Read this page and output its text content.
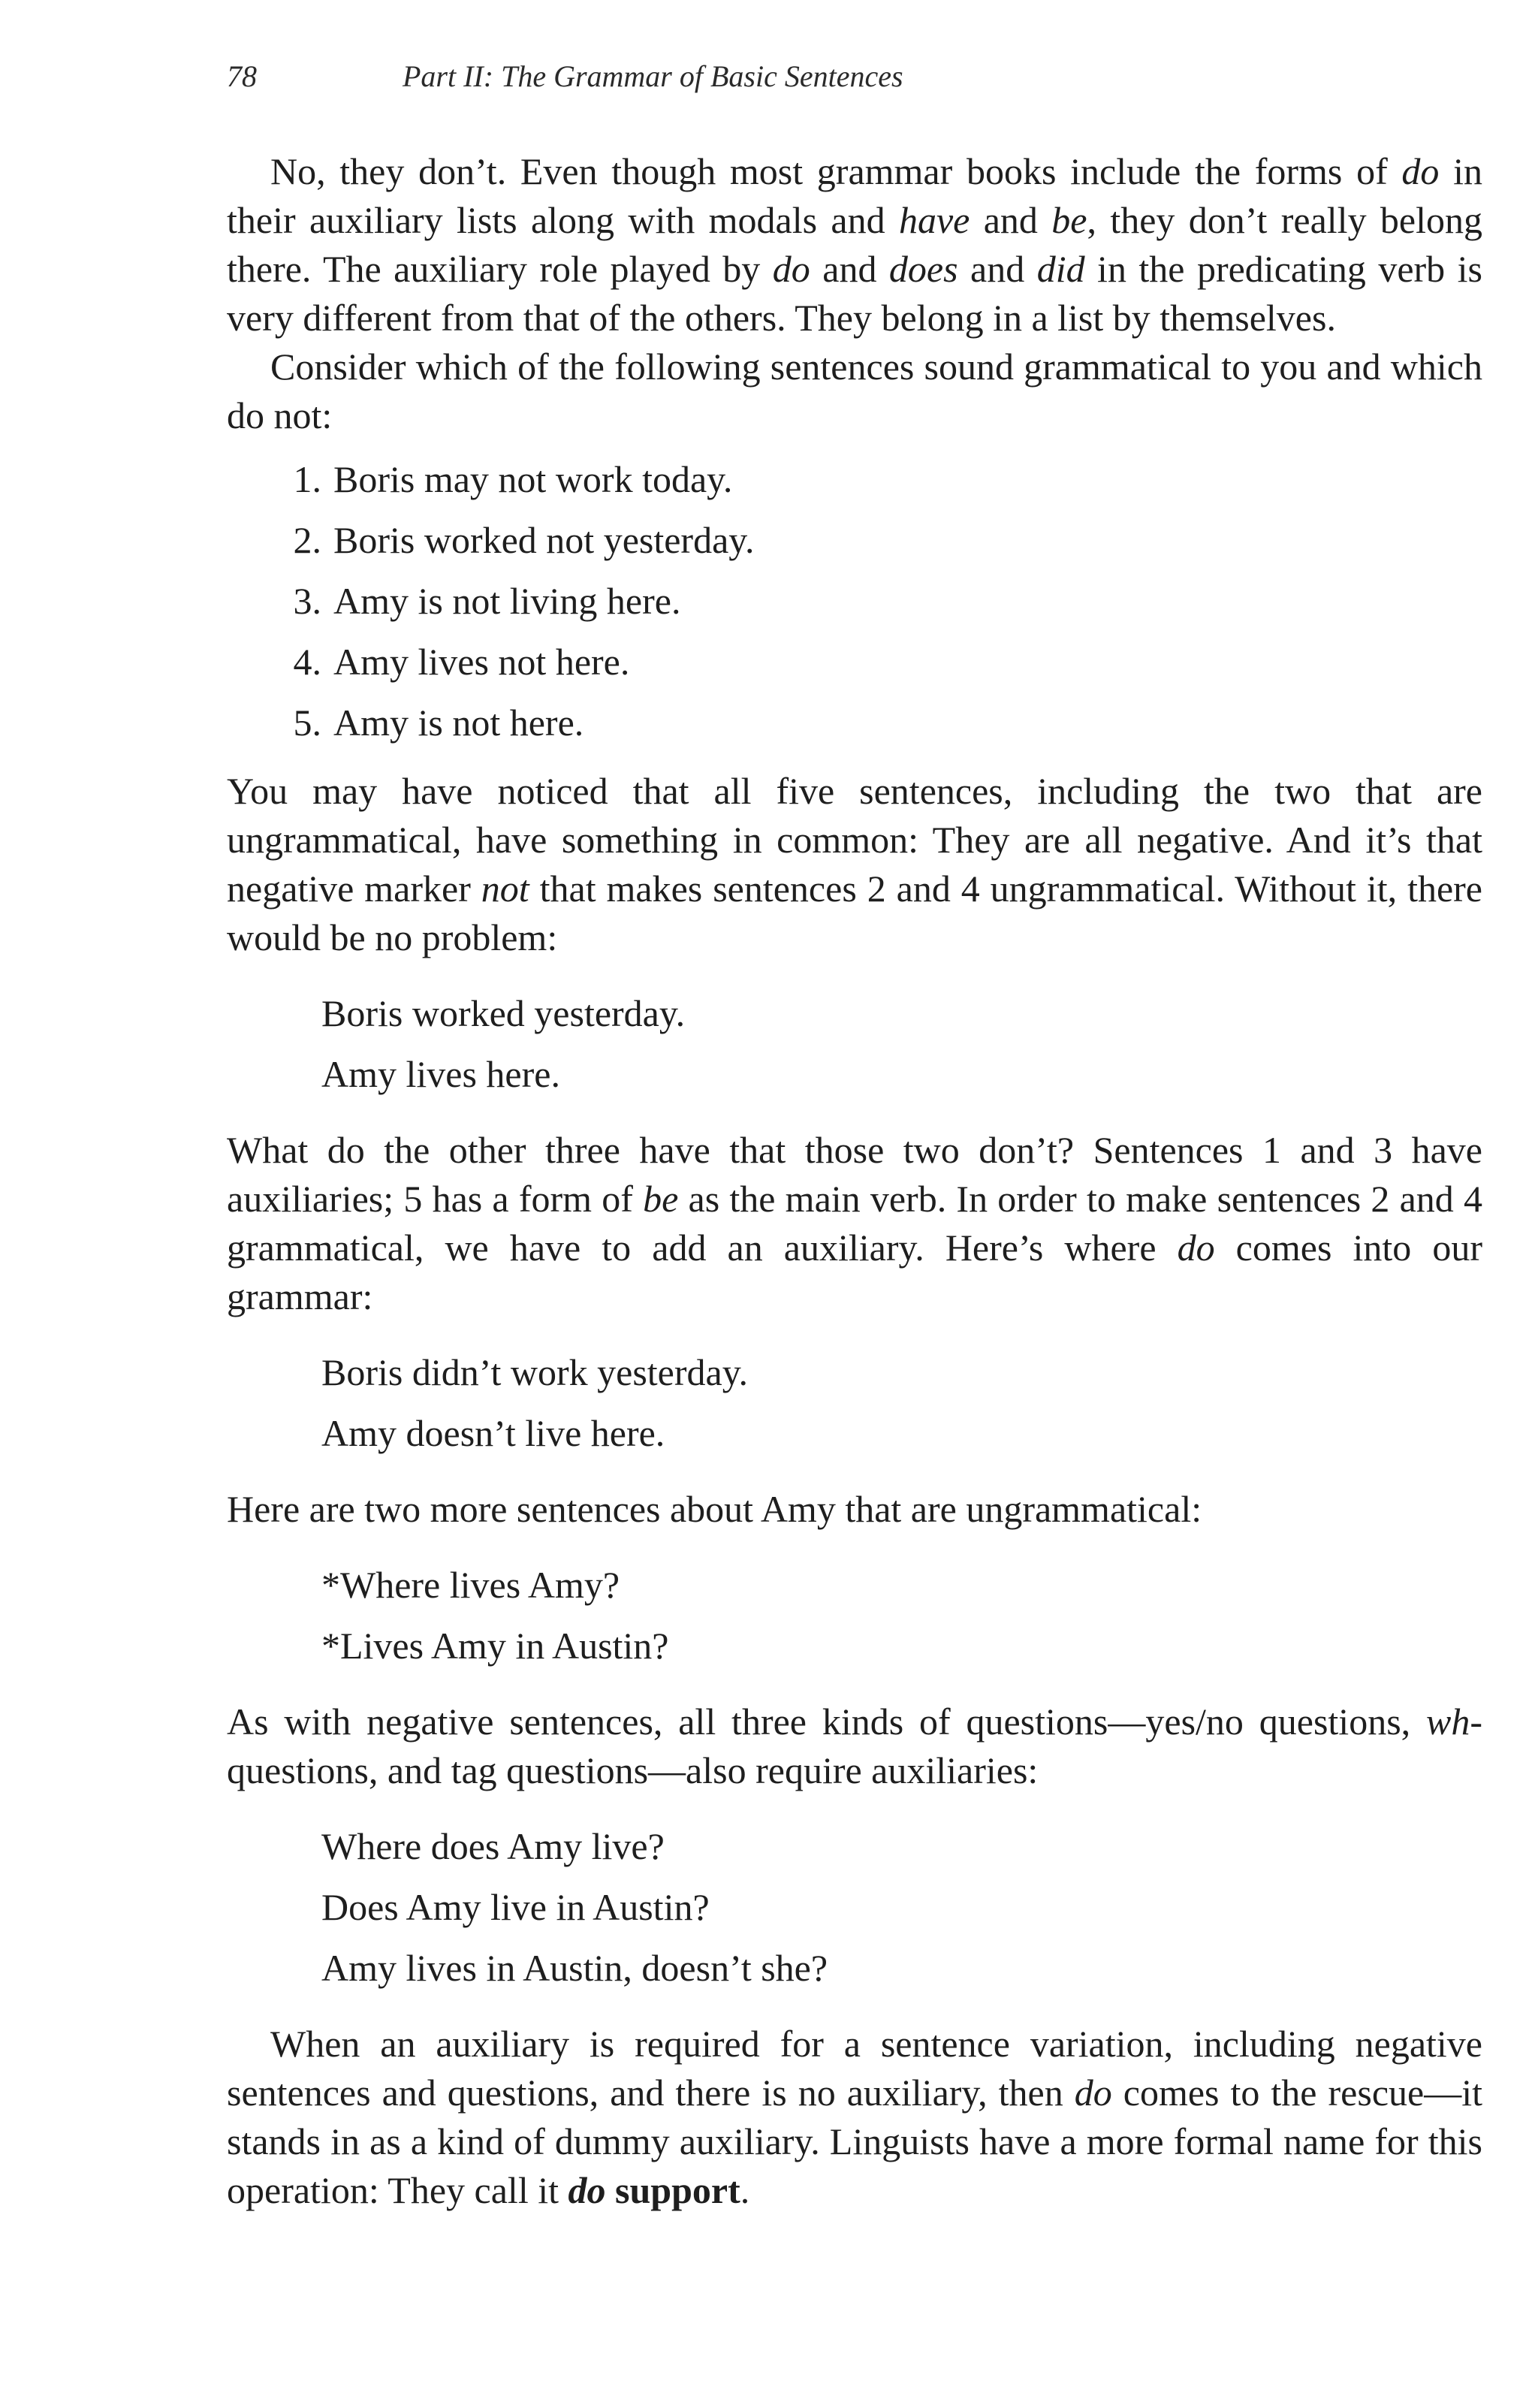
78	Part II: The Grammar of Basic Sentences

No, they don’t. Even though most grammar books include the forms of do in their auxiliary lists along with modals and have and be, they don’t really belong there. The auxiliary role played by do and does and did in the predicating verb is very different from that of the others. They belong in a list by themselves.

Consider which of the following sentences sound grammatical to you and which do not:

1. Boris may not work today.
2. Boris worked not yesterday.
3. Amy is not living here.
4. Amy lives not here.
5. Amy is not here.

You may have noticed that all five sentences, including the two that are ungrammatical, have something in common: They are all negative. And it’s that negative marker not that makes sentences 2 and 4 ungrammatical. Without it, there would be no problem:

Boris worked yesterday.
Amy lives here.

What do the other three have that those two don’t? Sentences 1 and 3 have auxiliaries; 5 has a form of be as the main verb. In order to make sentences 2 and 4 grammatical, we have to add an auxiliary. Here’s where do comes into our grammar:

Boris didn’t work yesterday.
Amy doesn’t live here.

Here are two more sentences about Amy that are ungrammatical:

*Where lives Amy?
*Lives Amy in Austin?

As with negative sentences, all three kinds of questions—yes/no questions, wh-questions, and tag questions—also require auxiliaries:

Where does Amy live?
Does Amy live in Austin?
Amy lives in Austin, doesn’t she?

When an auxiliary is required for a sentence variation, including negative sentences and questions, and there is no auxiliary, then do comes to the rescue—it stands in as a kind of dummy auxiliary. Linguists have a more formal name for this operation: They call it do support.
